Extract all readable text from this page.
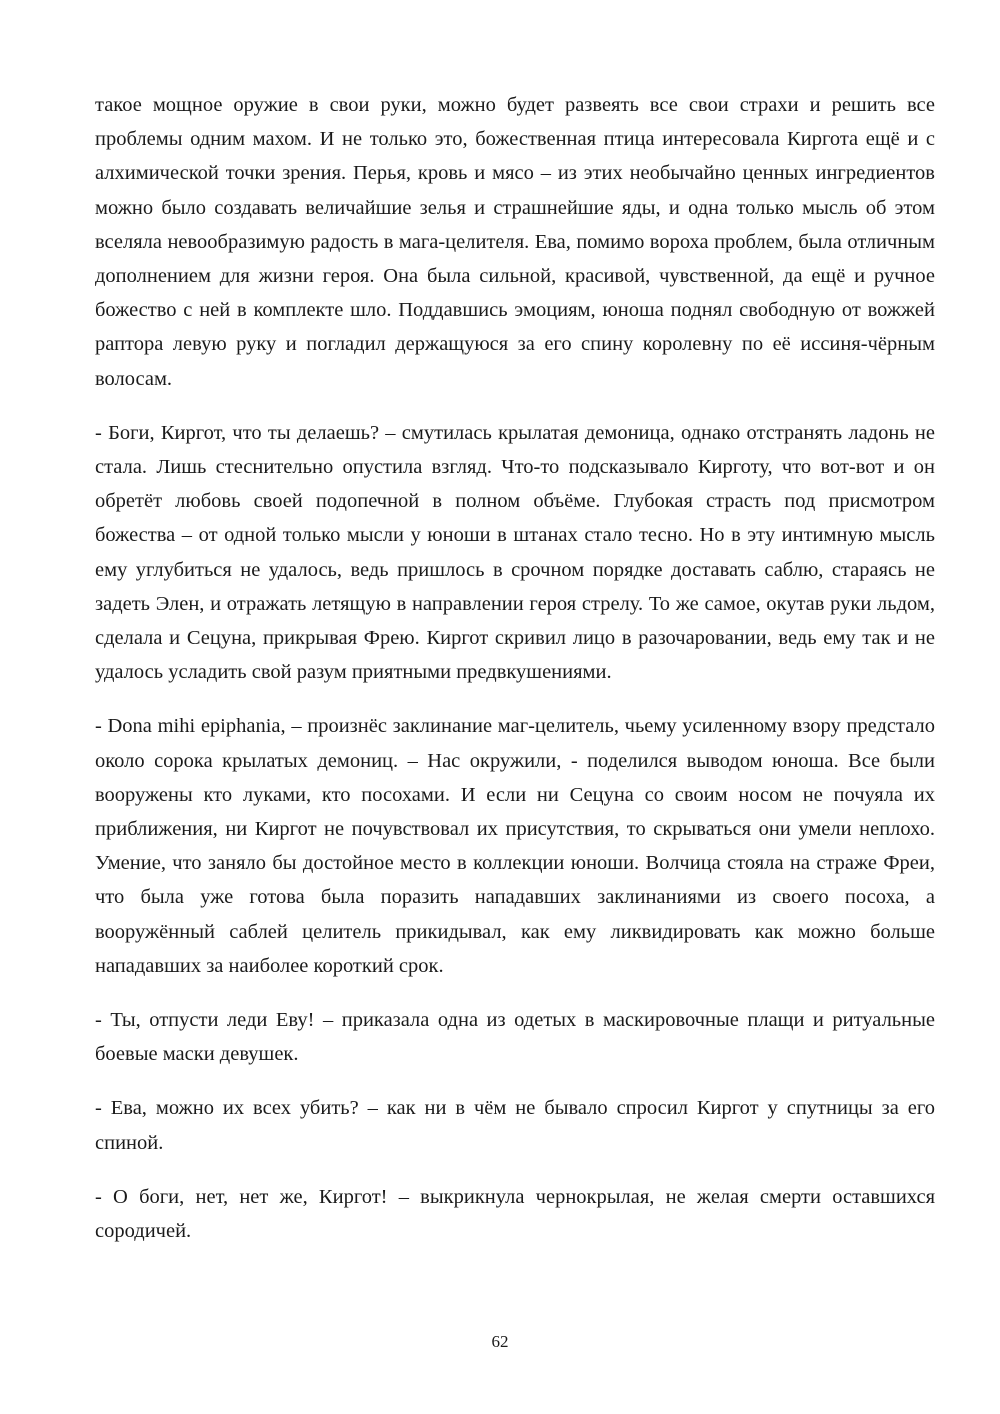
такое мощное оружие в свои руки, можно будет развеять все свои страхи и решить все проблемы одним махом. И не только это, божественная птица интересовала Киргота ещё и с алхимической точки зрения. Перья, кровь и мясо – из этих необычайно ценных ингредиентов можно было создавать величайшие зелья и страшнейшие яды, и одна только мысль об этом вселяла невообразимую радость в мага-целителя. Ева, помимо вороха проблем, была отличным дополнением для жизни героя. Она была сильной, красивой, чувственной, да ещё и ручное божество с ней в комплекте шло. Поддавшись эмоциям, юноша поднял свободную от вожжей раптора левую руку и погладил держащуюся за его спину королевну по её иссиня-чёрным волосам.

- Боги, Киргот, что ты делаешь? – смутилась крылатая демоница, однако отстранять ладонь не стала. Лишь стеснительно опустила взгляд. Что-то подсказывало Кирготу, что вот-вот и он обретёт любовь своей подопечной в полном объёме. Глубокая страсть под присмотром божества – от одной только мысли у юноши в штанах стало тесно. Но в эту интимную мысль ему углубиться не удалось, ведь пришлось в срочном порядке доставать саблю, стараясь не задеть Элен, и отражать летящую в направлении героя стрелу. То же самое, окутав руки льдом, сделала и Сецуна, прикрывая Фрею. Киргот скривил лицо в разочаровании, ведь ему так и не удалось усладить свой разум приятными предвкушениями.

- Dona mihi epiphania, – произнёс заклинание маг-целитель, чьему усиленному взору предстало около сорока крылатых демониц. – Нас окружили, - поделился выводом юноша. Все были вооружены кто луками, кто посохами. И если ни Сецуна со своим носом не почуяла их приближения, ни Киргот не почувствовал их присутствия, то скрываться они умели неплохо. Умение, что заняло бы достойное место в коллекции юноши. Волчица стояла на страже Фреи, что была уже готова была поразить нападавших заклинаниями из своего посоха, а вооружённый саблей целитель прикидывал, как ему ликвидировать как можно больше нападавших за наиболее короткий срок.

- Ты, отпусти леди Еву! – приказала одна из одетых в маскировочные плащи и ритуальные боевые маски девушек.

- Ева, можно их всех убить? – как ни в чём не бывало спросил Киргот у спутницы за его спиной.

- О боги, нет, нет же, Киргот! – выкрикнула чернокрылая, не желая смерти оставшихся сородичей.

62
